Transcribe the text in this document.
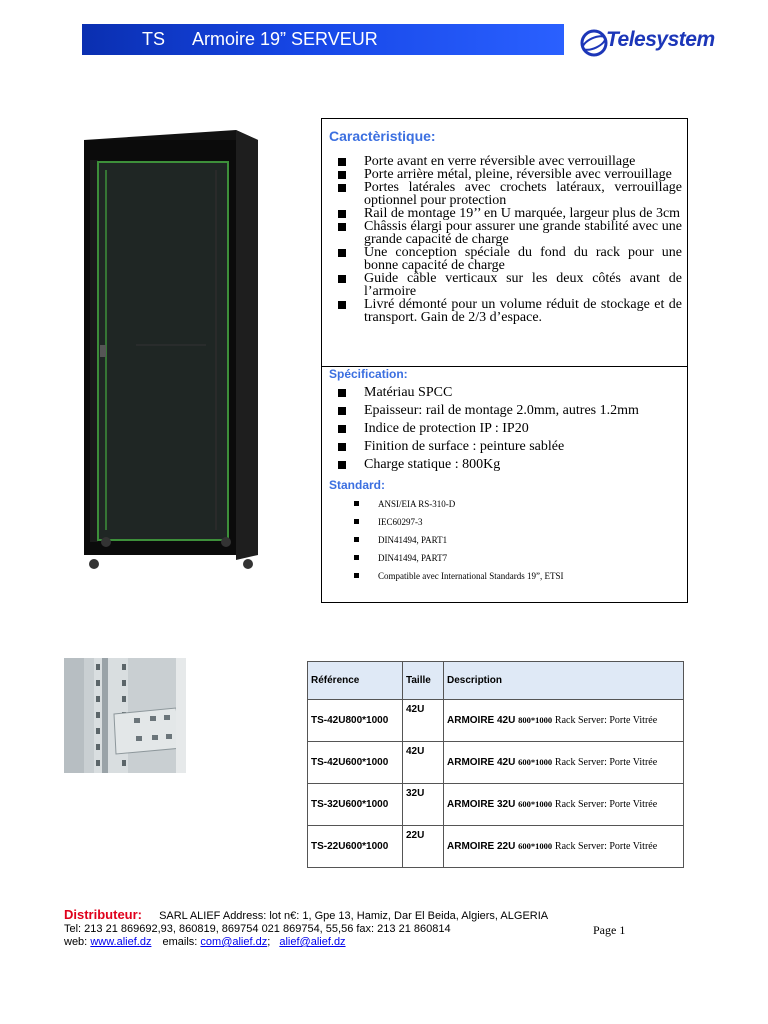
TS Armoire 19” SERVEUR	Telesystem
Caractèristique:
Porte avant en verre réversible avec verrouillage
Porte arrière métal, pleine, réversible avec verrouillage
Portes latérales avec crochets latéraux, verrouillage optionnel pour protection
Rail de montage 19’’ en U marquée, largeur plus de 3cm
Châssis élargi pour assurer une grande stabilité avec une grande capacité de charge
Une conception spéciale du fond du rack pour une bonne capacité de charge
Guide câble verticaux sur les deux côtés avant de l’armoire
Livré démonté pour un volume réduit de stockage et de transport. Gain de 2/3 d’espace.
Spécification:
Matériau SPCC
Epaisseur: rail de montage 2.0mm, autres 1.2mm
Indice de protection IP : IP20
Finition de surface : peinture sablée
Charge statique : 800Kg
Standard:
ANSI/EIA RS-310-D
IEC60297-3
DIN41494, PART1
DIN41494, PART7
Compatible avec International Standards 19”, ETSI
Référence	Taille	Description
TS-42U800*1000	42U	ARMOIRE 42U 800*1000 Rack Server: Porte Vitrée
TS-42U600*1000	42U	ARMOIRE 42U 600*1000 Rack Server: Porte Vitrée
TS-32U600*1000	32U	ARMOIRE 32U 600*1000 Rack Server: Porte Vitrée
TS-22U600*1000	22U	ARMOIRE 22U 600*1000 Rack Server: Porte Vitrée
Distributeur: SARL ALIEF Address: lot n€: 1, Gpe 13, Hamiz, Dar El Beida, Algiers, ALGERIA
Tel: 213 21 869692,93, 860819, 869754 021 869754, 55,56 fax: 213 21 860814
web: www.alief.dz emails: com@alief.dz; alief@alief.dz
Page 1
